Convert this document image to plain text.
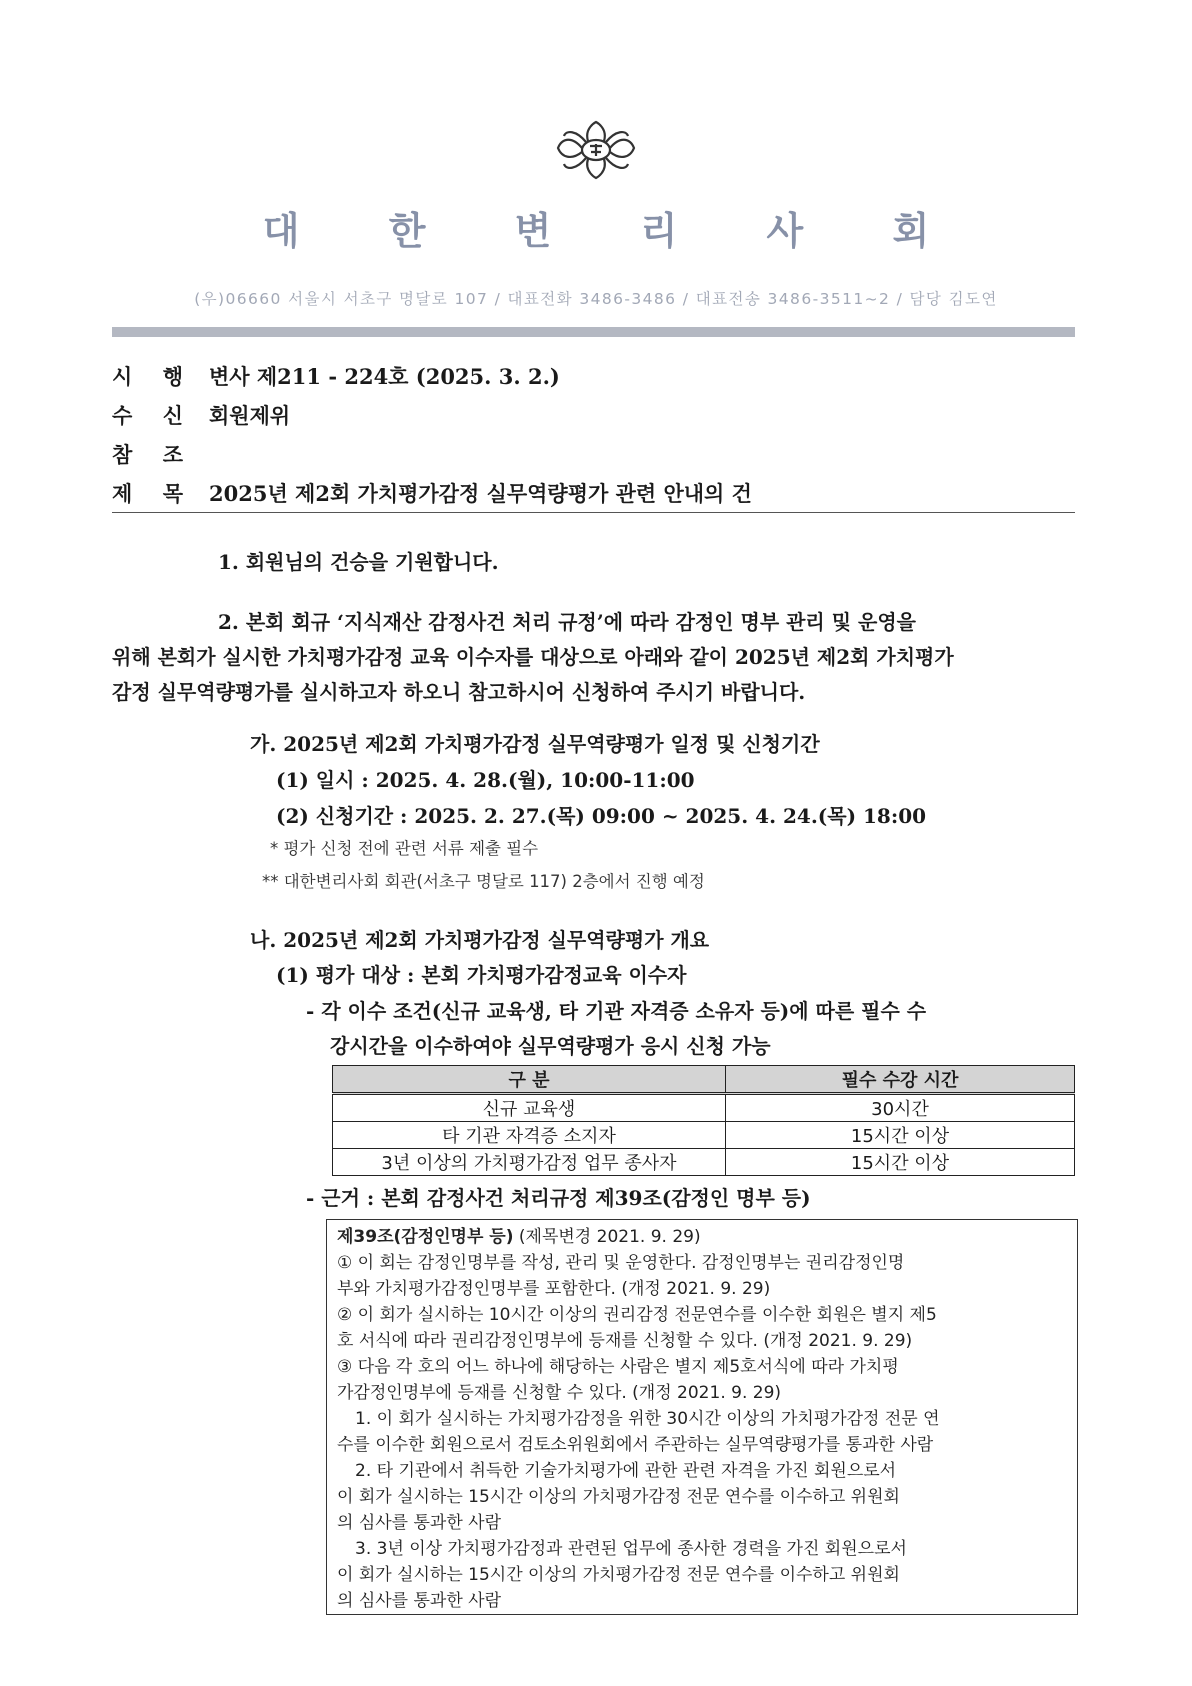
대 한 변 리 사 회
(우)06660 서울시 서초구 명달로 107 / 대표전화 3486-3486 / 대표전송 3486-3511~2 / 담당 김도연
시 행	변사 제211 - 224호 (2025. 3. 2.)
수 신	회원제위
참 조
제 목	2025년 제2회 가치평가감정 실무역량평가 관련 안내의 건
1. 회원님의 건승을 기원합니다.
2. 본회 회규 ‘지식재산 감정사건 처리 규정’에 따라 감정인 명부 관리 및 운영을
위해 본회가 실시한 가치평가감정 교육 이수자를 대상으로 아래와 같이 2025년 제2회 가치평가
감정 실무역량평가를 실시하고자 하오니 참고하시어 신청하여 주시기 바랍니다.
가. 2025년 제2회 가치평가감정 실무역량평가 일정 및 신청기간
(1) 일시 : 2025. 4. 28.(월), 10:00-11:00
(2) 신청기간 : 2025. 2. 27.(목) 09:00 ~ 2025. 4. 24.(목) 18:00
* 평가 신청 전에 관련 서류 제출 필수
** 대한변리사회 회관(서초구 명달로 117) 2층에서 진행 예정
나. 2025년 제2회 가치평가감정 실무역량평가 개요
(1) 평가 대상 : 본회 가치평가감정교육 이수자
- 각 이수 조건(신규 교육생, 타 기관 자격증 소유자 등)에 따른 필수 수
강시간을 이수하여야 실무역량평가 응시 신청 가능
구 분	필수 수강 시간
신규 교육생	30시간
타 기관 자격증 소지자	15시간 이상
3년 이상의 가치평가감정 업무 종사자	15시간 이상
- 근거 : 본회 감정사건 처리규정 제39조(감정인 명부 등)
제39조(감정인명부 등) (제목변경 2021. 9. 29)
① 이 회는 감정인명부를 작성, 관리 및 운영한다. 감정인명부는 권리감정인명
부와 가치평가감정인명부를 포함한다. (개정 2021. 9. 29)
② 이 회가 실시하는 10시간 이상의 권리감정 전문연수를 이수한 회원은 별지 제5
호 서식에 따라 권리감정인명부에 등재를 신청할 수 있다. (개정 2021. 9. 29)
③ 다음 각 호의 어느 하나에 해당하는 사람은 별지 제5호서식에 따라 가치평
가감정인명부에 등재를 신청할 수 있다. (개정 2021. 9. 29)
1. 이 회가 실시하는 가치평가감정을 위한 30시간 이상의 가치평가감정 전문 연
수를 이수한 회원으로서 검토소위원회에서 주관하는 실무역량평가를 통과한 사람
2. 타 기관에서 취득한 기술가치평가에 관한 관련 자격을 가진 회원으로서
이 회가 실시하는 15시간 이상의 가치평가감정 전문 연수를 이수하고 위원회
의 심사를 통과한 사람
3. 3년 이상 가치평가감정과 관련된 업무에 종사한 경력을 가진 회원으로서
이 회가 실시하는 15시간 이상의 가치평가감정 전문 연수를 이수하고 위원회
의 심사를 통과한 사람
